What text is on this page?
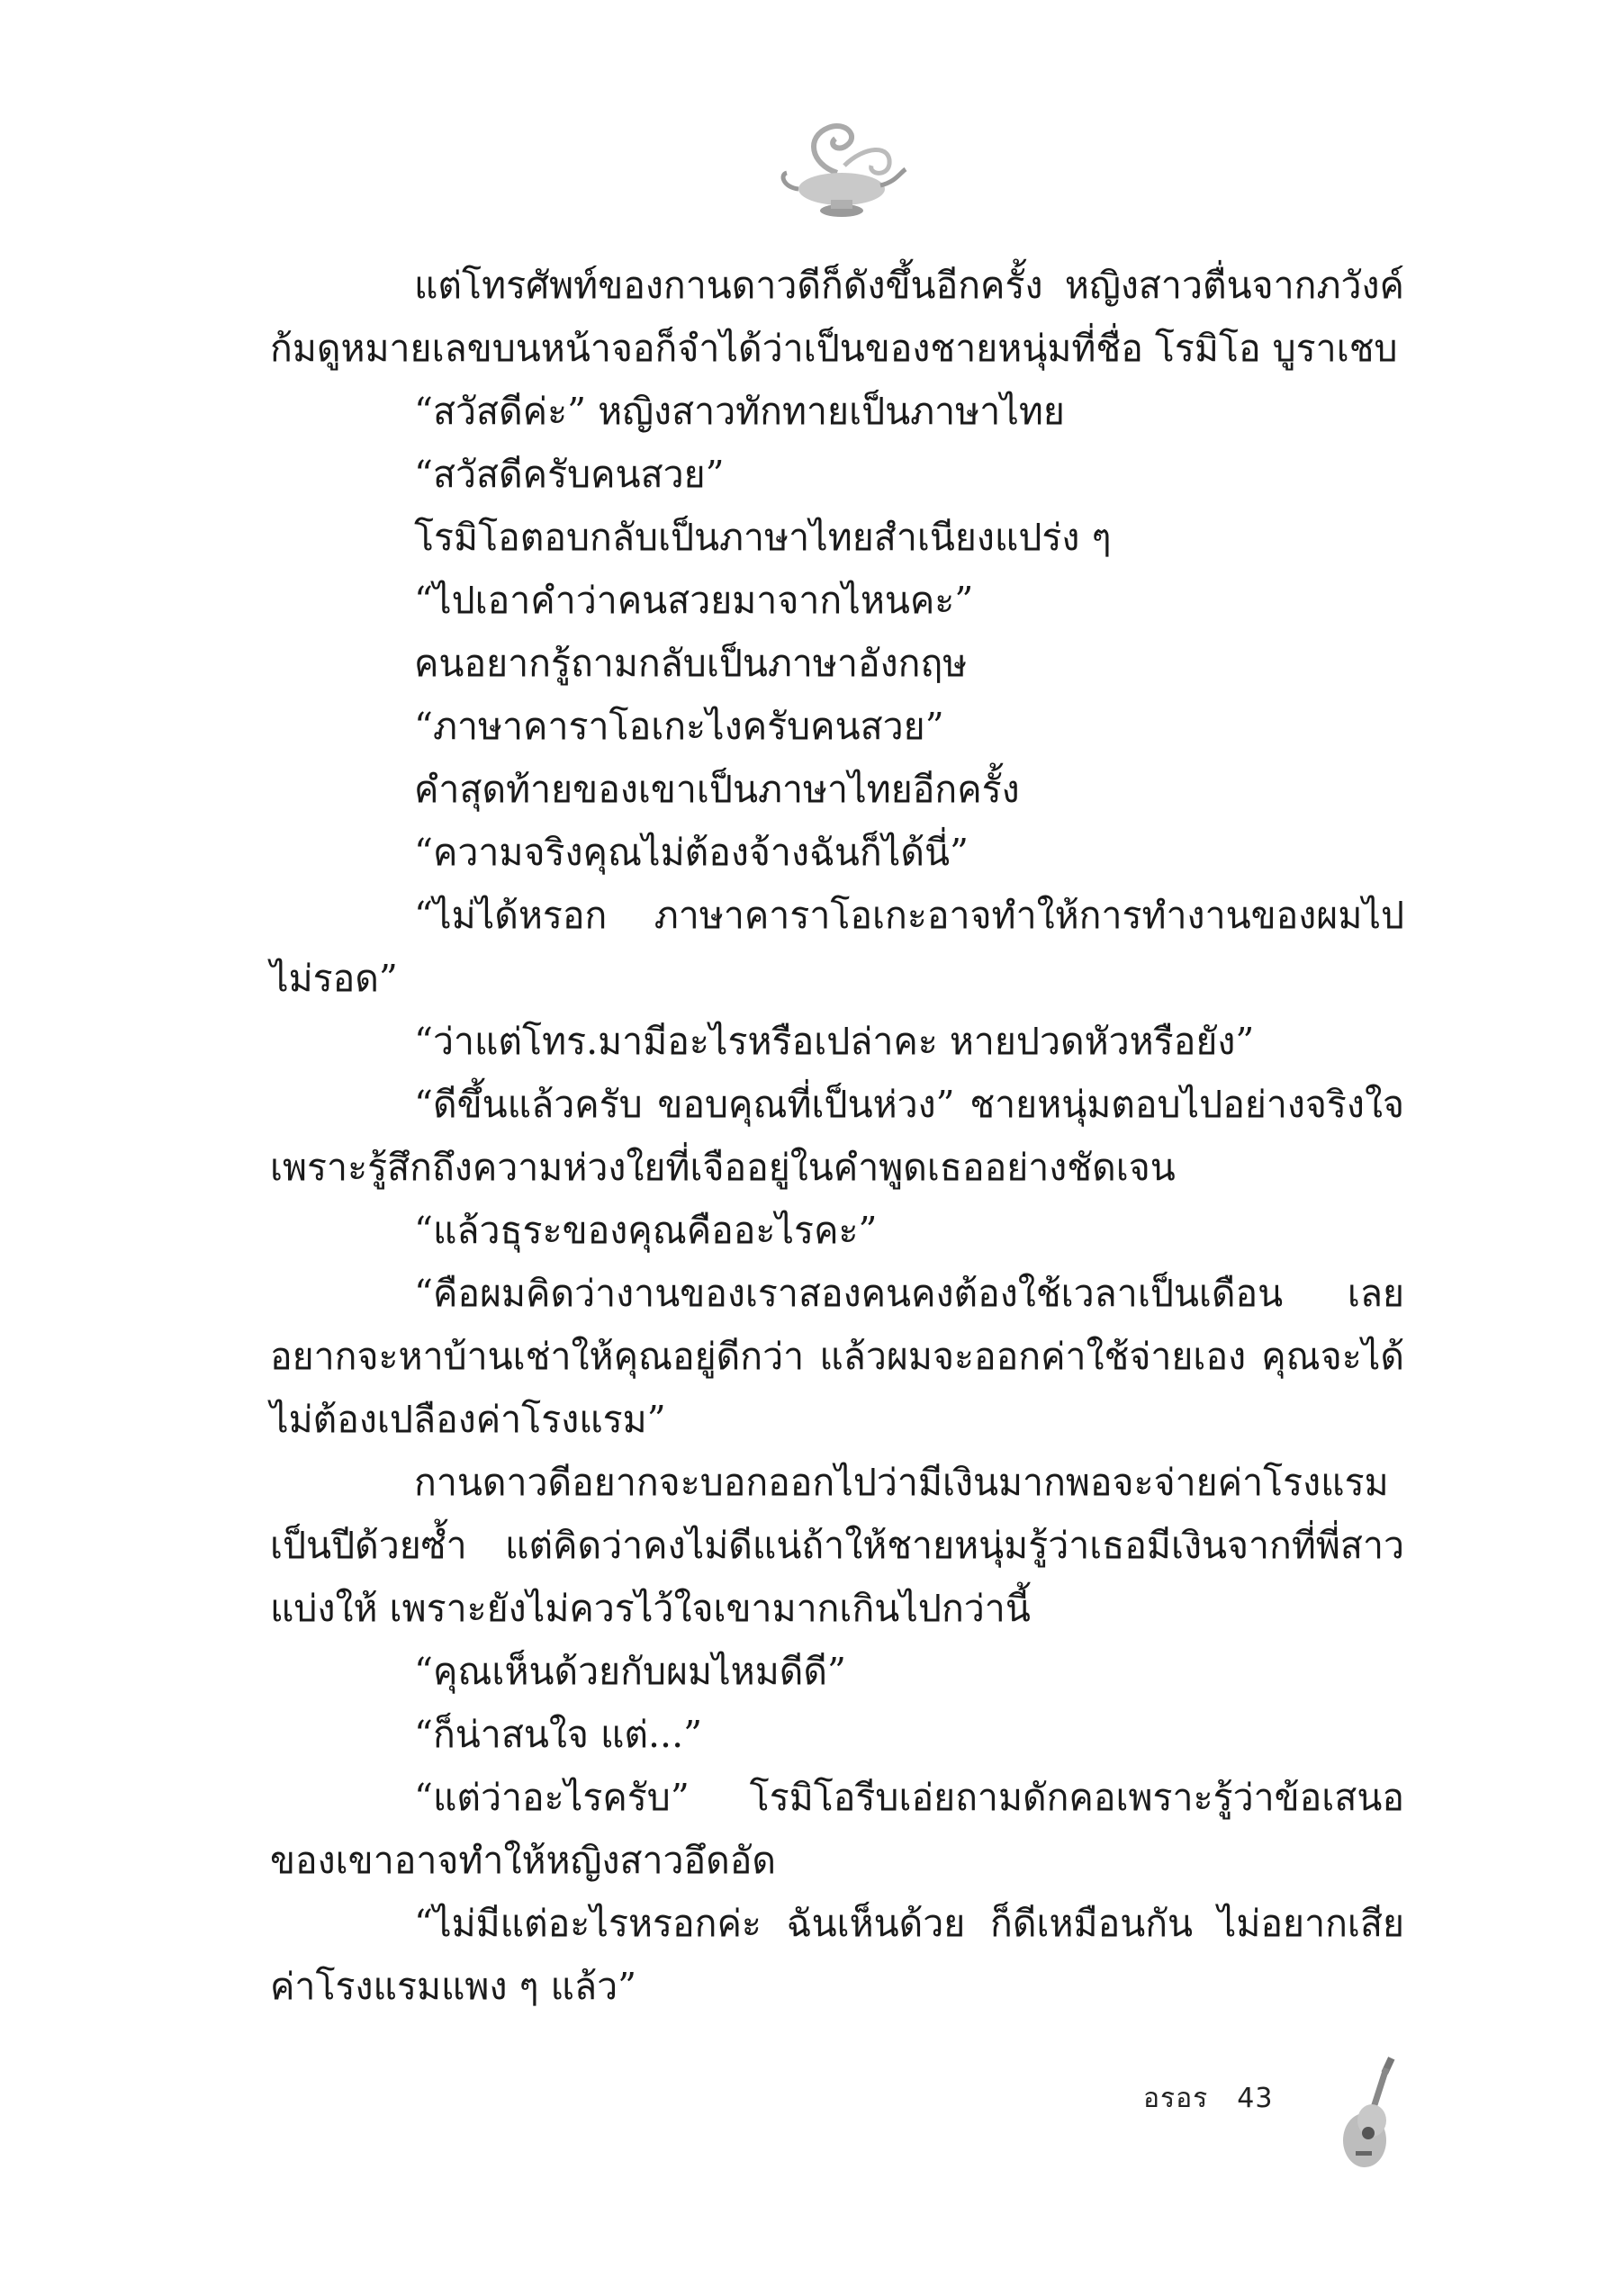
แต่โทรศัพท์ของกานดาวดีก็ดังขึ้นอีกครั้ง หญิงสาวตื่นจากภวังค์ ก้มดูหมายเลขบนหน้าจอก็จำได้ว่าเป็นของชายหนุ่มที่ชื่อ โรมิโอ บูราเชบ

“สวัสดีค่ะ” หญิงสาวทักทายเป็นภาษาไทย

“สวัสดีครับคนสวย”

โรมิโอตอบกลับเป็นภาษาไทยสำเนียงแปร่ง ๆ

“ไปเอาคำว่าคนสวยมาจากไหนคะ”

คนอยากรู้ถามกลับเป็นภาษาอังกฤษ

“ภาษาคาราโอเกะไงครับคนสวย”

คำสุดท้ายของเขาเป็นภาษาไทยอีกครั้ง

“ความจริงคุณไม่ต้องจ้างฉันก็ได้นี่”

“ไม่ได้หรอก ภาษาคาราโอเกะอาจทำให้การทำงานของผมไป ไม่รอด”

“ว่าแต่โทร.มามีอะไรหรือเปล่าคะ หายปวดหัวหรือยัง”

“ดีขึ้นแล้วครับ ขอบคุณที่เป็นห่วง” ชายหนุ่มตอบไปอย่างจริงใจ เพราะรู้สึกถึงความห่วงใยที่เจืออยู่ในคำพูดเธออย่างชัดเจน

“แล้วธุระของคุณคืออะไรคะ”

“คือผมคิดว่างานของเราสองคนคงต้องใช้เวลาเป็นเดือน เลย อยากจะหาบ้านเช่าให้คุณอยู่ดีกว่า แล้วผมจะออกค่าใช้จ่ายเอง คุณจะได้ ไม่ต้องเปลืองค่าโรงแรม”

กานดาวดีอยากจะบอกออกไปว่ามีเงินมากพอจะจ่ายค่าโรงแรม เป็นปีด้วยซ้ำ แต่คิดว่าคงไม่ดีแน่ถ้าให้ชายหนุ่มรู้ว่าเธอมีเงินจากที่พี่สาว แบ่งให้ เพราะยังไม่ควรไว้ใจเขามากเกินไปกว่านี้

“คุณเห็นด้วยกับผมไหมดีดี”

“ก็น่าสนใจ แต่...”

“แต่ว่าอะไรครับ” โรมิโอรีบเอ่ยถามดักคอเพราะรู้ว่าข้อเสนอ ของเขาอาจทำให้หญิงสาวอึดอัด

“ไม่มีแต่อะไรหรอกค่ะ ฉันเห็นด้วย ก็ดีเหมือนกัน ไม่อยากเสีย ค่าโรงแรมแพง ๆ แล้ว”

อรอร 43
